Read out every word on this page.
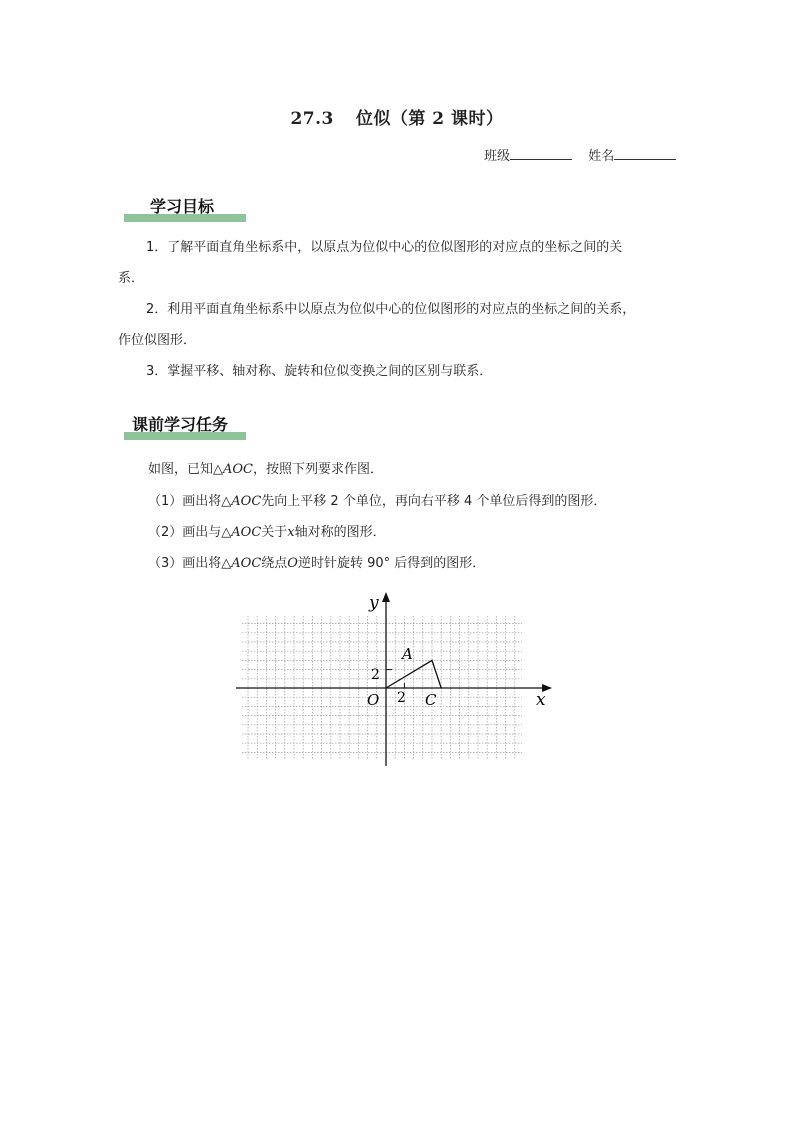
27.3 位似（第 2 课时）
班级	姓名
学习目标
1．了解平面直角坐标系中，以原点为位似中心的位似图形的对应点的坐标之间的关
系．
2．利用平面直角坐标系中以原点为位似中心的位似图形的对应点的坐标之间的关系，
作位似图形．
3．掌握平移、轴对称、旋转和位似变换之间的区别与联系．
课前学习任务
如图，已知△AOC，按照下列要求作图．
（1）画出将△AOC先向上平移 2 个单位，再向右平移 4 个单位后得到的图形．
（2）画出与△AOC关于x轴对称的图形．
（3）画出将△AOC绕点O逆时针旋转 90° 后得到的图形．
y
x
O 2
2
A
C
